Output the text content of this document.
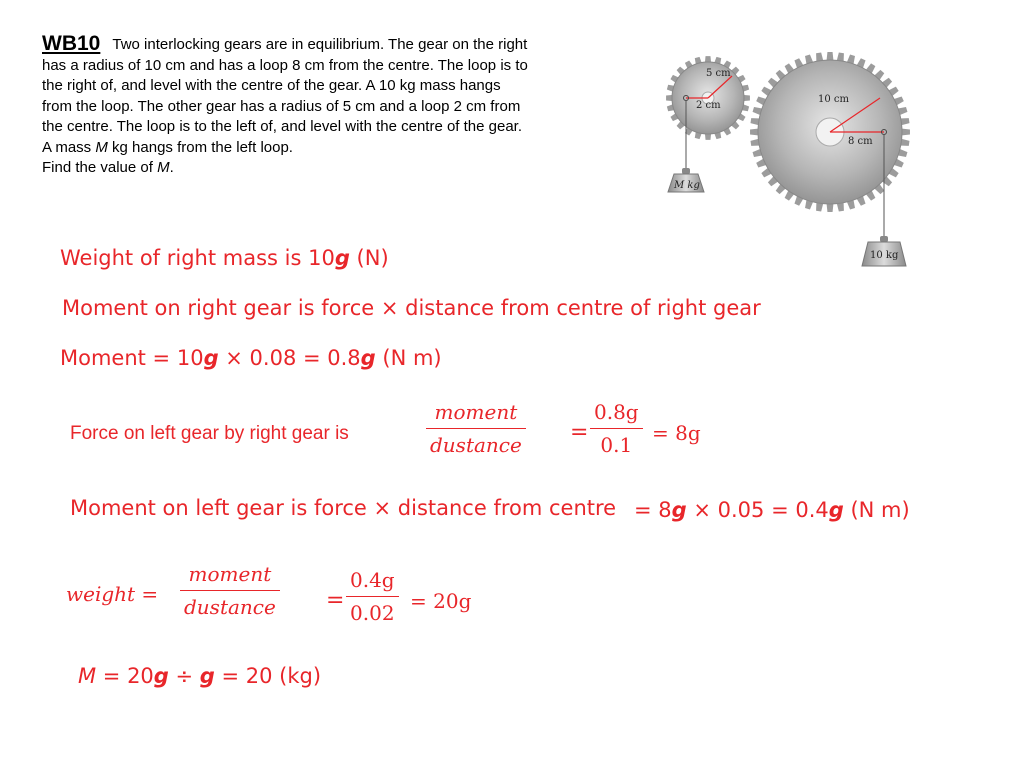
WB10 Two interlocking gears are in equilibrium. The gear on the right
has a radius of 10 cm and has a loop 8 cm from the centre. The loop is to
the right of, and level with the centre of the gear. A 10 kg mass hangs
from the loop. The other gear has a radius of 5 cm and a loop 2 cm from
the centre. The loop is to the left of, and level with the centre of the gear.
A mass M kg hangs from the left loop.
Find the value of M.
5 cm
2 cm
10 cm
8 cm
M kg
10 kg
Weight of right mass is 10g (N)
Moment on right gear is force × distance from centre of right gear
Moment = 10g × 0.08 = 0.8g (N m)
Force on left gear by right gear is
moment
dustance =
0.8g
0.1 = 8g
Moment on left gear is force × distance from centre = 8g × 0.05 = 0.4g (N m)
weight =
moment
dustance =
0.4g
0.02 = 20g
M = 20g ÷ g = 20 (kg)
